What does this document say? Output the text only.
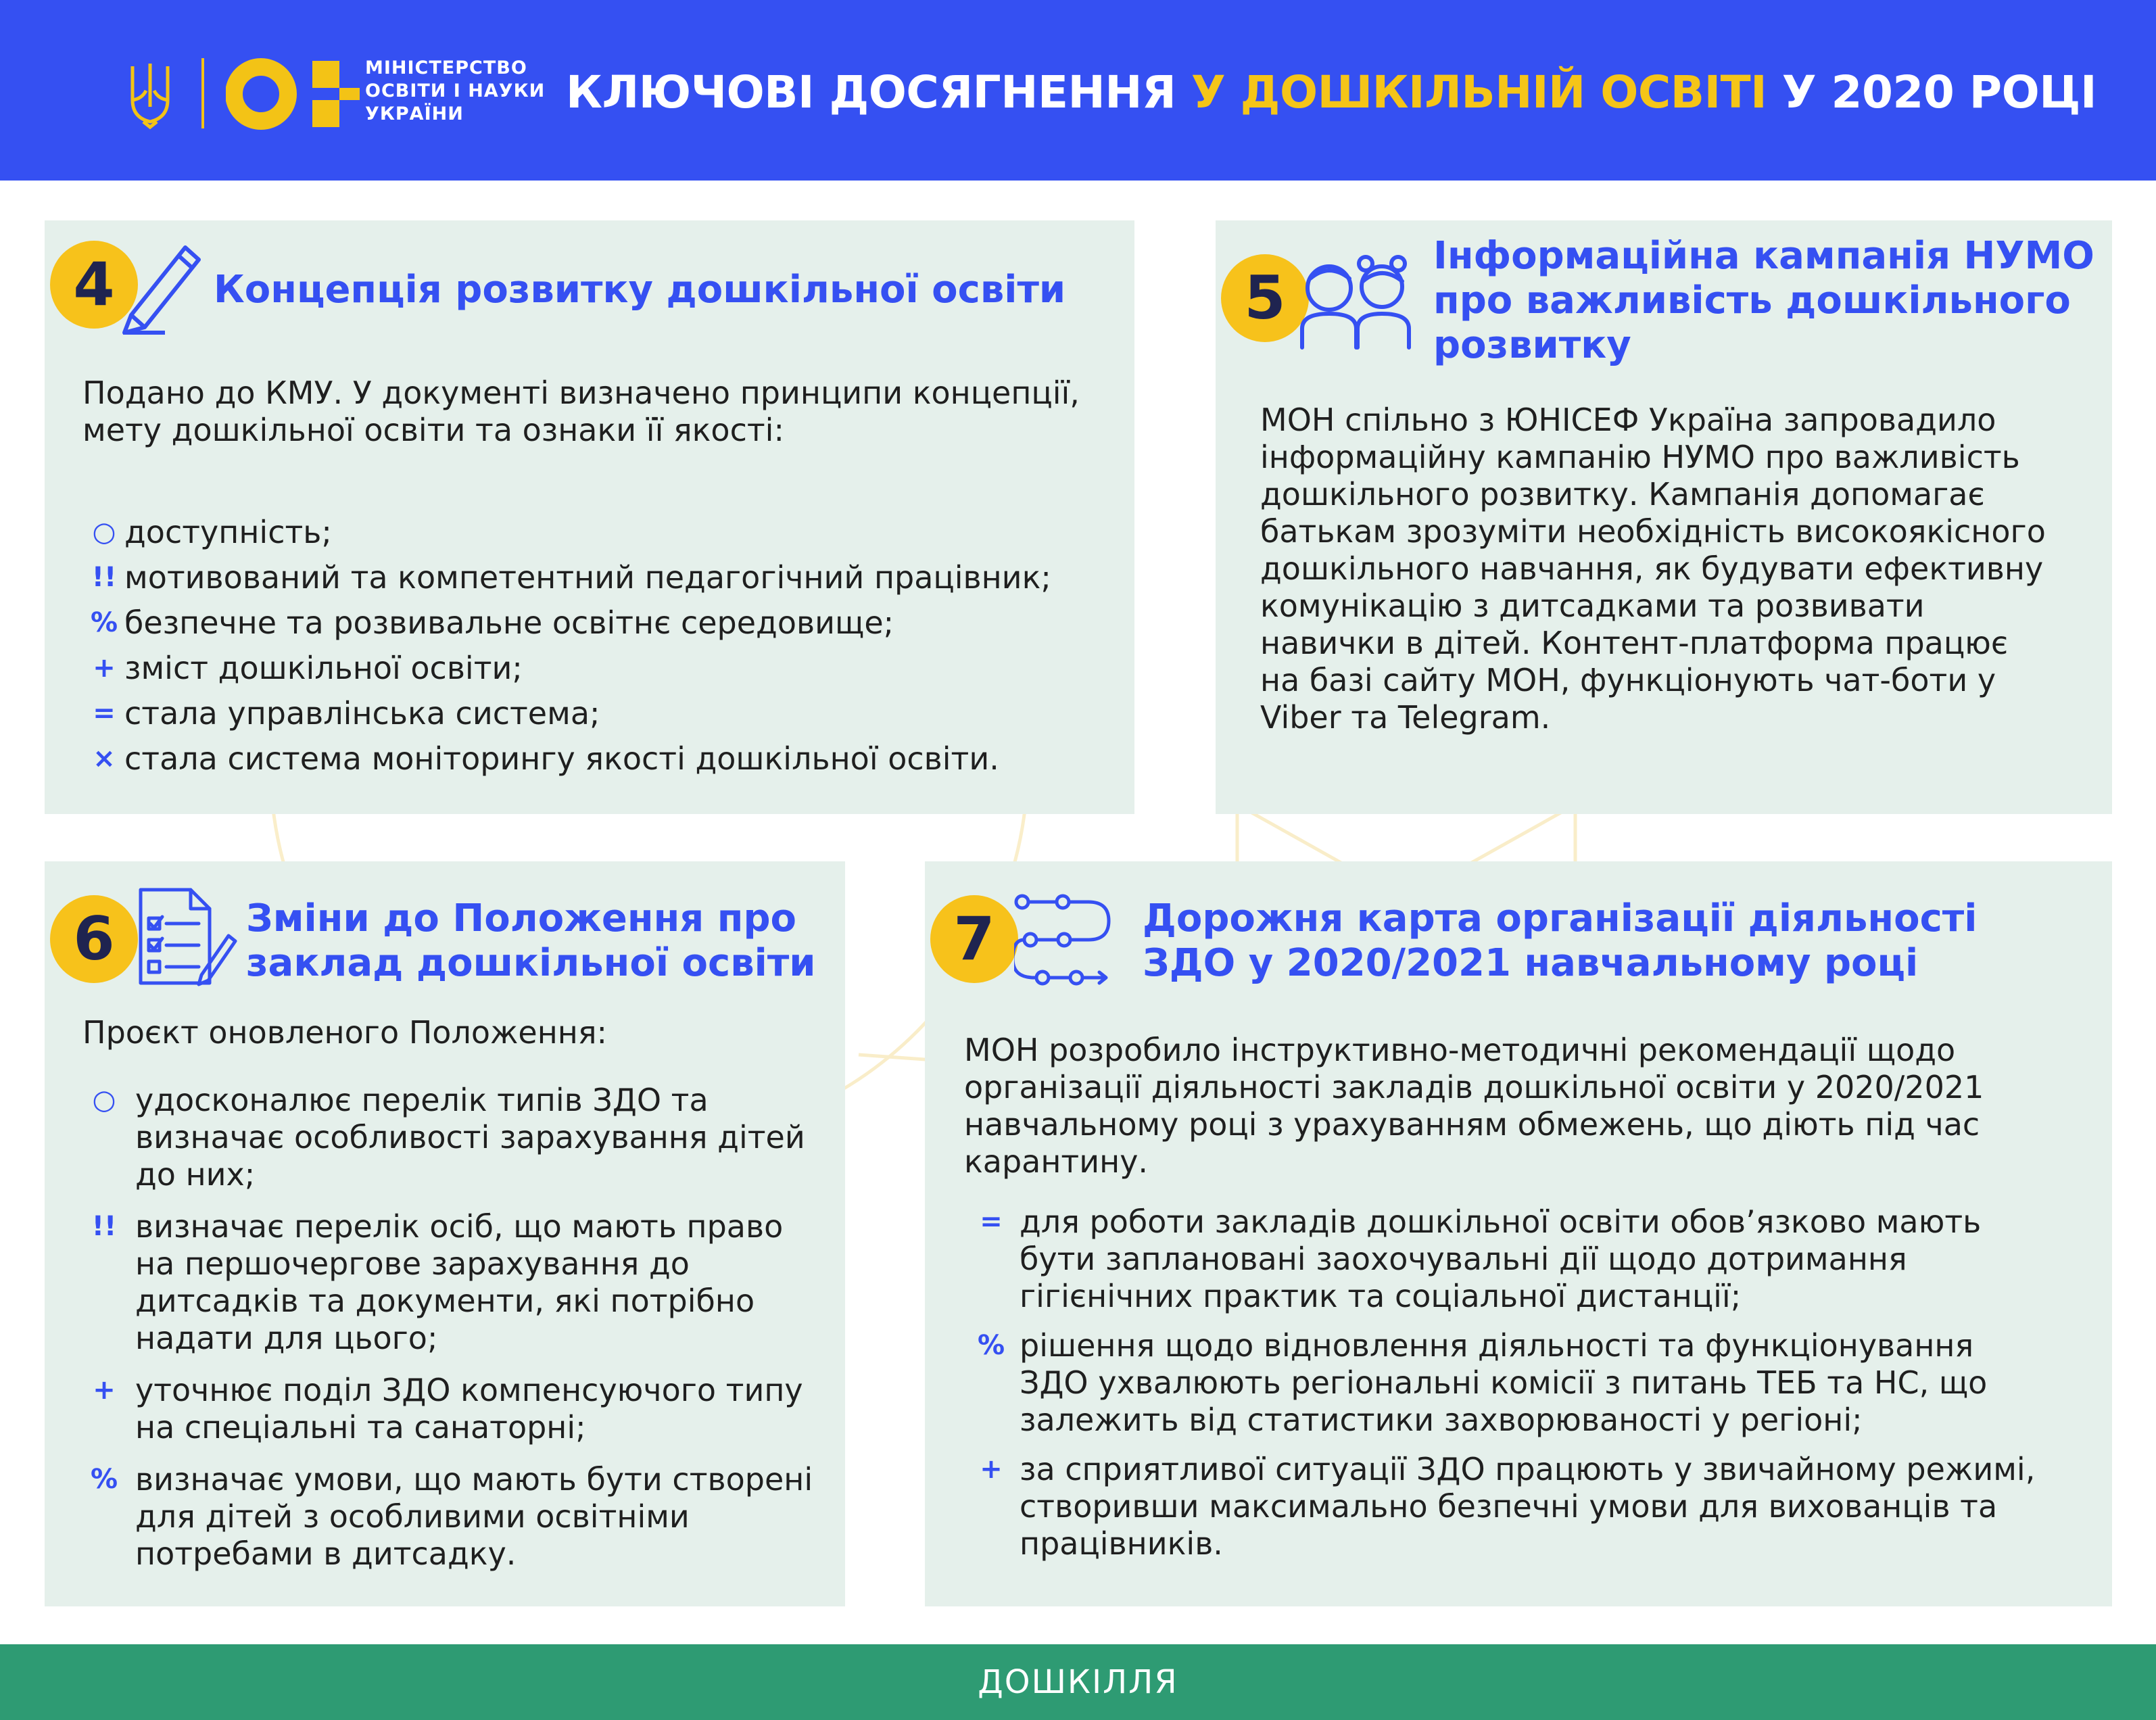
МІНІСТЕРСТВО
ОСВІТИ І НАУКИ
УКРАЇНИ	КЛЮЧОВІ ДОСЯГНЕННЯ У ДОШКІЛЬНІЙ ОСВІТІ У 2020 РОЦІ
4	Концепція розвитку дошкільної освіти
Подано до КМУ. У документі визначено принципи концепції,
мету дошкільної освіти та ознаки її якості:
○ доступність;
!! мотивований та компетентний педагогічний працівник;
% безпечне та розвивальне освітнє середовище;
+ зміст дошкільної освіти;
= стала управлінська система;
× стала система моніторингу якості дошкільної освіти.
5
Інформаційна кампанія НУМО
про важливість дошкільного
розвитку
МОН спільно з ЮНІСЕФ Україна запровадило
інформаційну кампанію НУМО про важливість
дошкільного розвитку. Кампанія допомагає
батькам зрозуміти необхідність високоякісного
дошкільного навчання, як будувати ефективну
комунікацію з дитсадками та розвивати
навички в дітей. Контент-платформа працює
на базі сайту МОН, функціонують чат-боти у
Viber та Telegram.
6	Зміни до Положення про
заклад дошкільної освіти
Проєкт оновленого Положення:
○ удосконалює перелік типів ЗДО та
визначає особливості зарахування дітей
до них;
!! визначає перелік осіб, що мають право
на першочергове зарахування до
дитсадків та документи, які потрібно
надати для цього;
+ уточнює поділ ЗДО компенсуючого типу
на спеціальні та санаторні;
% визначає умови, що мають бути створені
для дітей з особливими освітніми
потребами в дитсадку.
7	Дорожня карта організації діяльності
ЗДО у 2020/2021 навчальному році
МОН розробило інструктивно-методичні рекомендації щодо
організації діяльності закладів дошкільної освіти у 2020/2021
навчальному році з урахуванням обмежень, що діють під час
карантину.
= для роботи закладів дошкільної освіти обов’язково мають
бути заплановані заохочувальні дії щодо дотримання
гігієнічних практик та соціальної дистанції;
% рішення щодо відновлення діяльності та функціонування
ЗДО ухвалюють регіональні комісії з питань ТЕБ та НС, що
залежить від статистики захворюваності у регіоні;
+ за сприятливої ситуації ЗДО працюють у звичайному режимі,
створивши максимально безпечні умови для вихованців та
працівників.
ДОШКІЛЛЯ
